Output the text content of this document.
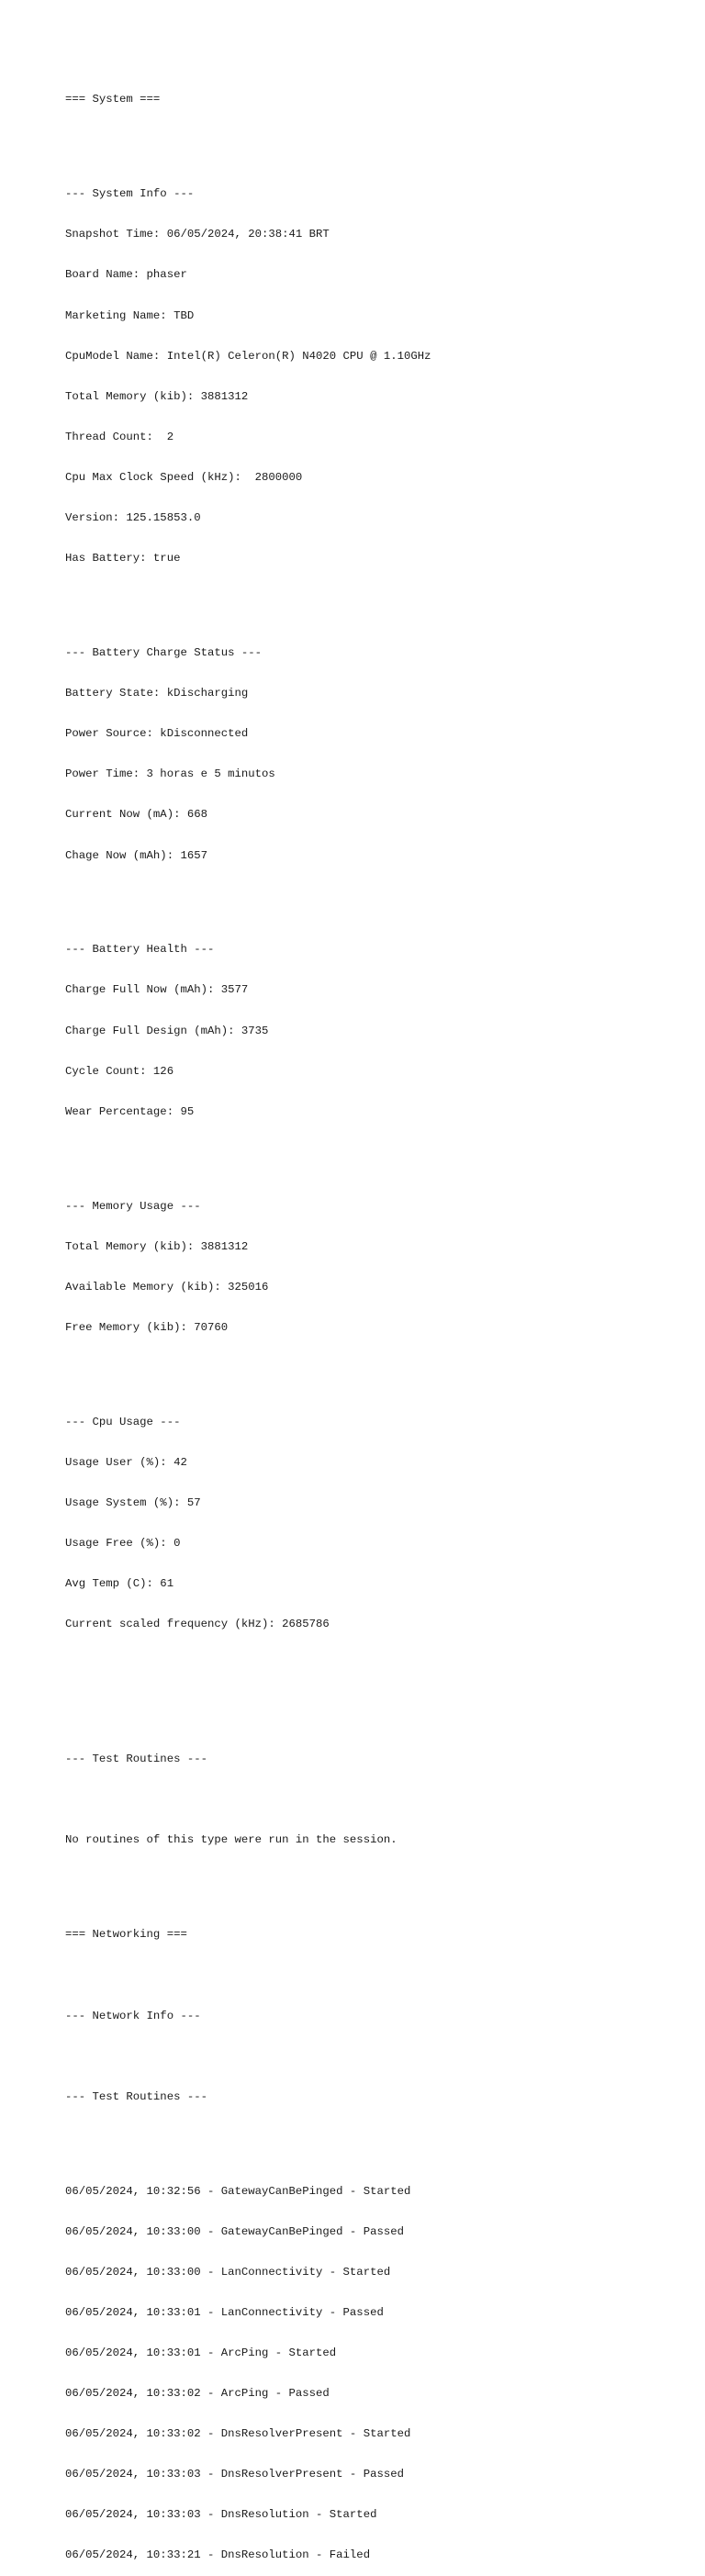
=== System ===

--- System Info ---

Snapshot Time: 06/05/2024, 20:38:41 BRT

Board Name: phaser

Marketing Name: TBD

CpuModel Name: Intel(R) Celeron(R) N4020 CPU @ 1.10GHz

Total Memory (kib): 3881312

Thread Count:  2

Cpu Max Clock Speed (kHz):  2800000

Version: 125.15853.0

Has Battery: true

--- Battery Charge Status ---

Battery State: kDischarging

Power Source: kDisconnected

Power Time: 3 horas e 5 minutos

Current Now (mA): 668

Chage Now (mAh): 1657

--- Battery Health ---

Charge Full Now (mAh): 3577

Charge Full Design (mAh): 3735

Cycle Count: 126

Wear Percentage: 95

--- Memory Usage ---

Total Memory (kib): 3881312

Available Memory (kib): 325016

Free Memory (kib): 70760

--- Cpu Usage ---

Usage User (%): 42

Usage System (%): 57

Usage Free (%): 0

Avg Temp (C): 61

Current scaled frequency (kHz): 2685786

--- Test Routines ---

No routines of this type were run in the session.

=== Networking ===

--- Network Info ---

--- Test Routines ---

06/05/2024, 10:32:56 - GatewayCanBePinged - Started

06/05/2024, 10:33:00 - GatewayCanBePinged - Passed

06/05/2024, 10:33:00 - LanConnectivity - Started

06/05/2024, 10:33:01 - LanConnectivity - Passed

06/05/2024, 10:33:01 - ArcPing - Started

06/05/2024, 10:33:02 - ArcPing - Passed

06/05/2024, 10:33:02 - DnsResolverPresent - Started

06/05/2024, 10:33:03 - DnsResolverPresent - Passed

06/05/2024, 10:33:03 - DnsResolution - Started

06/05/2024, 10:33:21 - DnsResolution - Failed
